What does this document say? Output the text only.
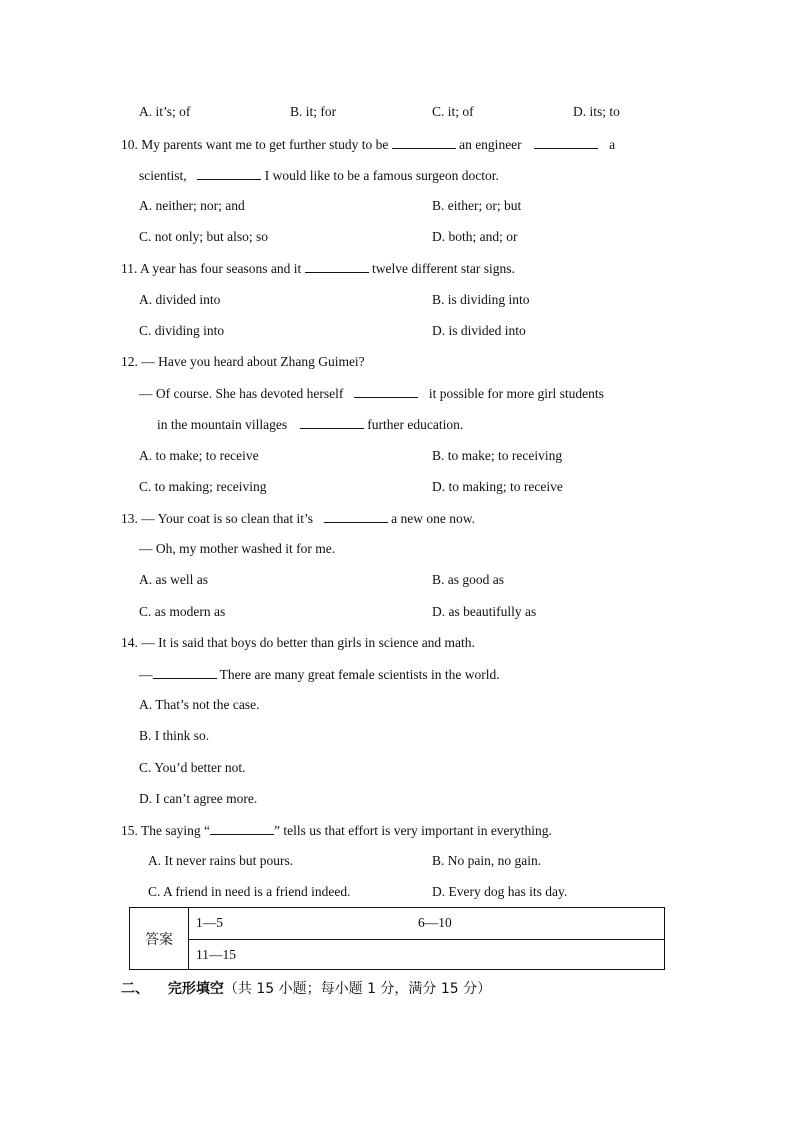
A. it’s; of	B. it; for	C. it; of	D. its; to
10. My parents want me to get further study to be	an engineer	a
scientist,	I would like to be a famous surgeon doctor.
A. neither; nor; and	B. either; or; but
C. not only; but also; so	D. both; and; or
11. A year has four seasons and it	twelve different star signs.
A. divided into	B. is dividing into
C. dividing into	D. is divided into
12. — Have you heard about Zhang Guimei?
— Of course. She has devoted herself	it possible for more girl students
in the mountain villages	further education.
A. to make; to receive	B. to make; to receiving
C. to making; receiving	D. to making; to receive
13. — Your coat is so clean that it’s	a new one now.
— Oh, my mother washed it for me.
A. as well as	B. as good as
C. as modern as	D. as beautifully as
14. — It is said that boys do better than girls in science and math.
—	There are many great female scientists in the world.
A. That’s not the case.
B. I think so.
C. You’d better not.
D. I can’t agree more.
15. The saying “	” tells us that effort is very important in everything.
A. It never rains but pours.	B. No pain, no gain.
C. A friend in need is a friend indeed.	D. Every dog has its day.
答案
1—5	6—10
11—15
二、 完形填空（共 15 小题；每小题 1 分，满分 15 分）
